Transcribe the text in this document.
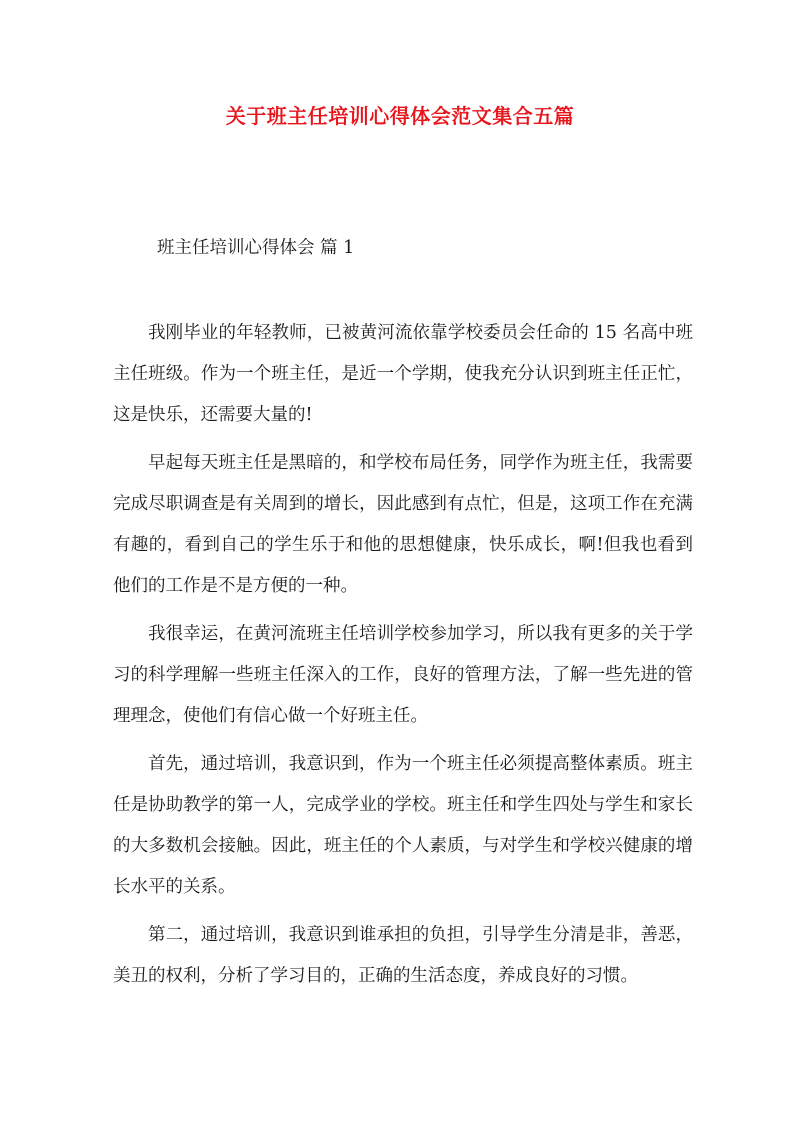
关于班主任培训心得体会范文集合五篇
班主任培训心得体会 篇 1

我刚毕业的年轻教师，已被黄河流依靠学校委员会任命的 15 名高中班主任班级。作为一个班主任，是近一个学期，使我充分认识到班主任正忙，这是快乐，还需要大量的!

早起每天班主任是黑暗的，和学校布局任务，同学作为班主任，我需要完成尽职调查是有关周到的增长，因此感到有点忙，但是，这项工作在充满有趣的，看到自己的学生乐于和他的思想健康，快乐成长，啊!但我也看到他们的工作是不是方便的一种。

我很幸运，在黄河流班主任培训学校参加学习，所以我有更多的关于学习的科学理解一些班主任深入的工作，良好的管理方法，了解一些先进的管理理念，使他们有信心做一个好班主任。

首先，通过培训，我意识到，作为一个班主任必须提高整体素质。班主任是协助教学的第一人，完成学业的学校。班主任和学生四处与学生和家长的大多数机会接触。因此，班主任的个人素质，与对学生和学校兴健康的增长水平的关系。

第二，通过培训，我意识到谁承担的负担，引导学生分清是非，善恶，美丑的权利，分析了学习目的，正确的生活态度，养成良好的习惯。
